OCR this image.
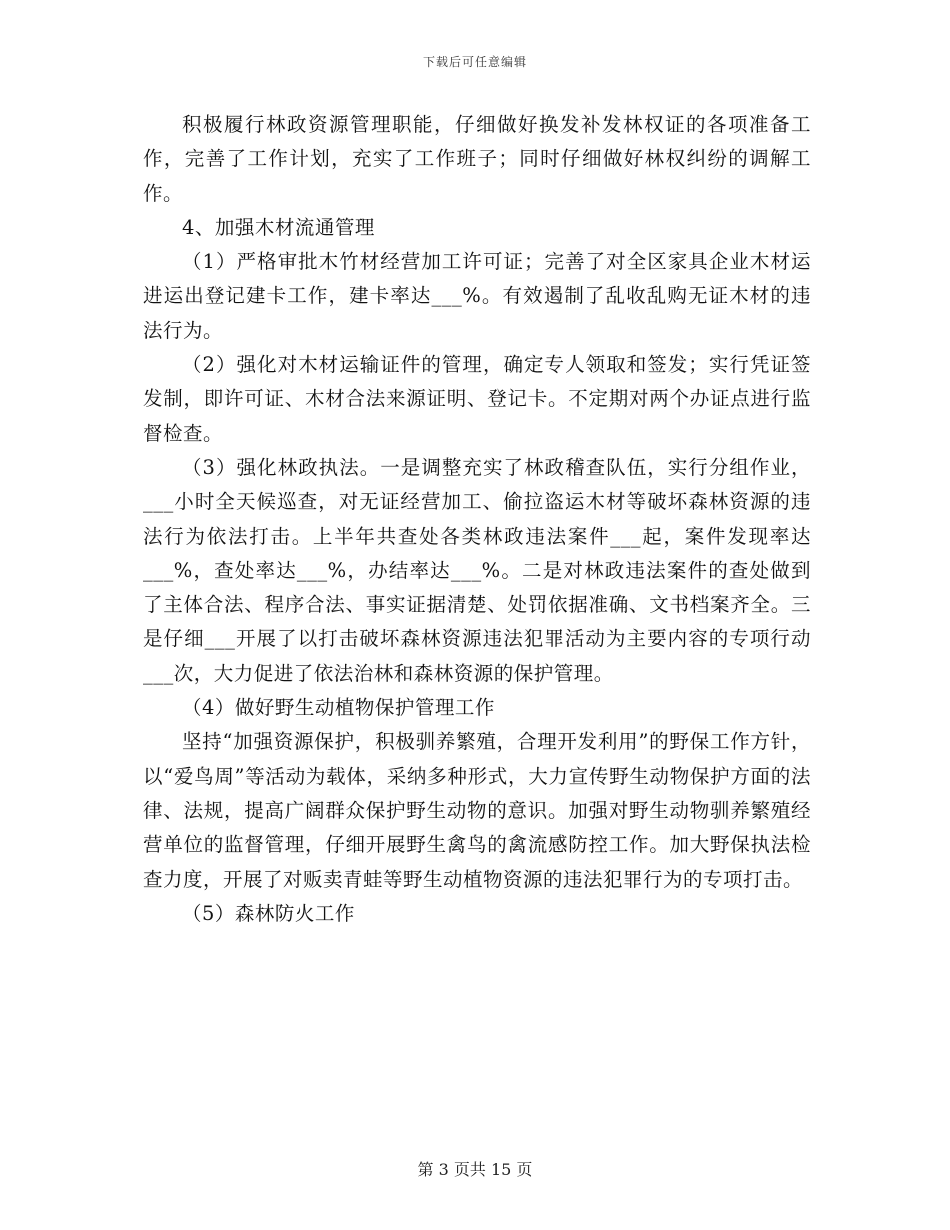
下载后可任意编辑

积极履行林政资源管理职能，仔细做好换发补发林权证的各项准备工作，完善了工作计划，充实了工作班子；同时仔细做好林权纠纷的调解工作。

4、加强木材流通管理

（1）严格审批木竹材经营加工许可证；完善了对全区家具企业木材运进运出登记建卡工作，建卡率达___%。有效遏制了乱收乱购无证木材的违法行为。

（2）强化对木材运输证件的管理，确定专人领取和签发；实行凭证签发制，即许可证、木材合法来源证明、登记卡。不定期对两个办证点进行监督检查。

（3）强化林政执法。一是调整充实了林政稽查队伍，实行分组作业，___小时全天候巡查，对无证经营加工、偷拉盗运木材等破坏森林资源的违法行为依法打击。上半年共查处各类林政违法案件___起，案件发现率达___%，查处率达___%，办结率达___%。二是对林政违法案件的查处做到了主体合法、程序合法、事实证据清楚、处罚依据准确、文书档案齐全。三是仔细___开展了以打击破坏森林资源违法犯罪活动为主要内容的专项行动___次，大力促进了依法治林和森林资源的保护管理。

（4）做好野生动植物保护管理工作

坚持“加强资源保护，积极驯养繁殖，合理开发利用”的野保工作方针，以“爱鸟周”等活动为载体，采纳多种形式，大力宣传野生动物保护方面的法律、法规，提高广阔群众保护野生动物的意识。加强对野生动物驯养繁殖经营单位的监督管理，仔细开展野生禽鸟的禽流感防控工作。加大野保执法检查力度，开展了对贩卖青蛙等野生动植物资源的违法犯罪行为的专项打击。

（5）森林防火工作

第 3 页共 15 页
